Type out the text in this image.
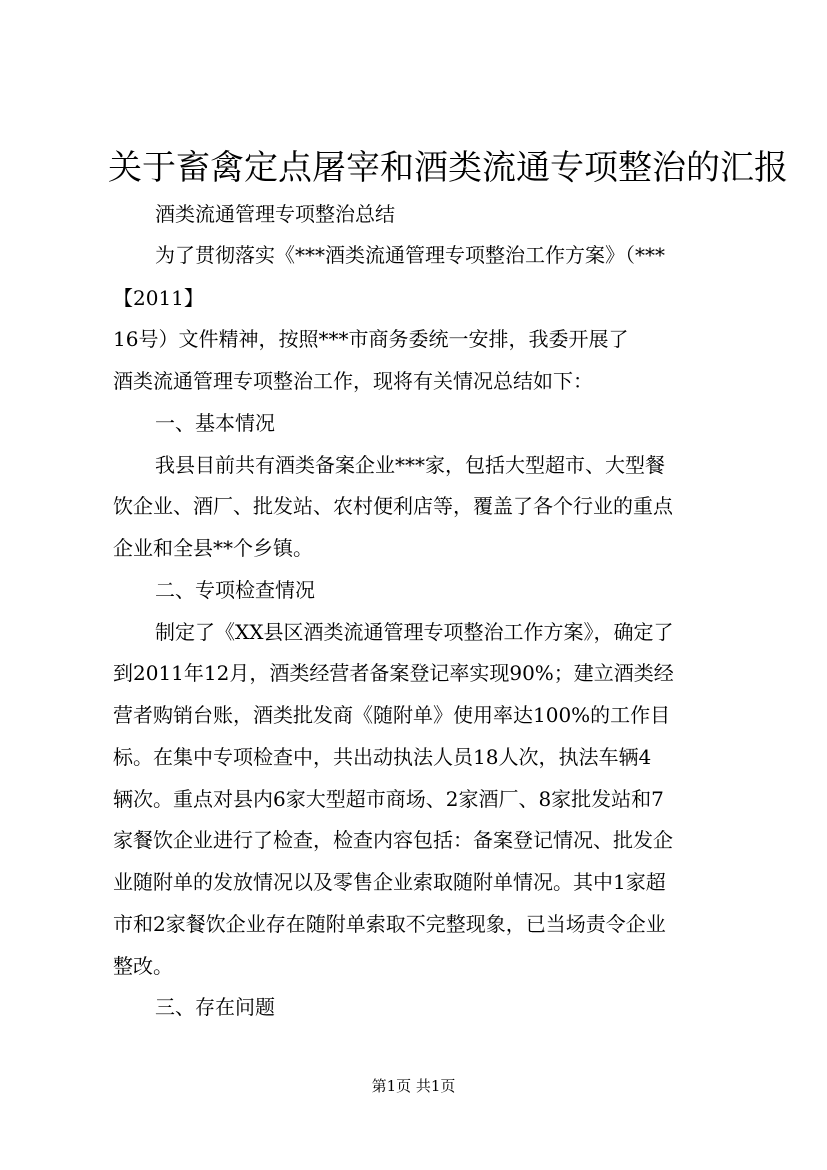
关于畜禽定点屠宰和酒类流通专项整治的汇报
酒类流通管理专项整治总结
为了贯彻落实《***酒类流通管理专项整治工作方案》（***
【2011】
16号）文件精神，按照***市商务委统一安排，我委开展了
酒类流通管理专项整治工作，现将有关情况总结如下：
一、基本情况
我县目前共有酒类备案企业***家，包括大型超市、大型餐
饮企业、酒厂、批发站、农村便利店等，覆盖了各个行业的重点
企业和全县**个乡镇。
二、专项检查情况
制定了《XX县区酒类流通管理专项整治工作方案》，确定了
到2011年12月，酒类经营者备案登记率实现90%；建立酒类经
营者购销台账，酒类批发商《随附单》使用率达100%的工作目
标。在集中专项检查中，共出动执法人员18人次，执法车辆4
辆次。重点对县内6家大型超市商场、2家酒厂、8家批发站和7
家餐饮企业进行了检查，检查内容包括：备案登记情况、批发企
业随附单的发放情况以及零售企业索取随附单情况。其中1家超
市和2家餐饮企业存在随附单索取不完整现象，已当场责令企业
整改。
三、存在问题
第1页 共1页
